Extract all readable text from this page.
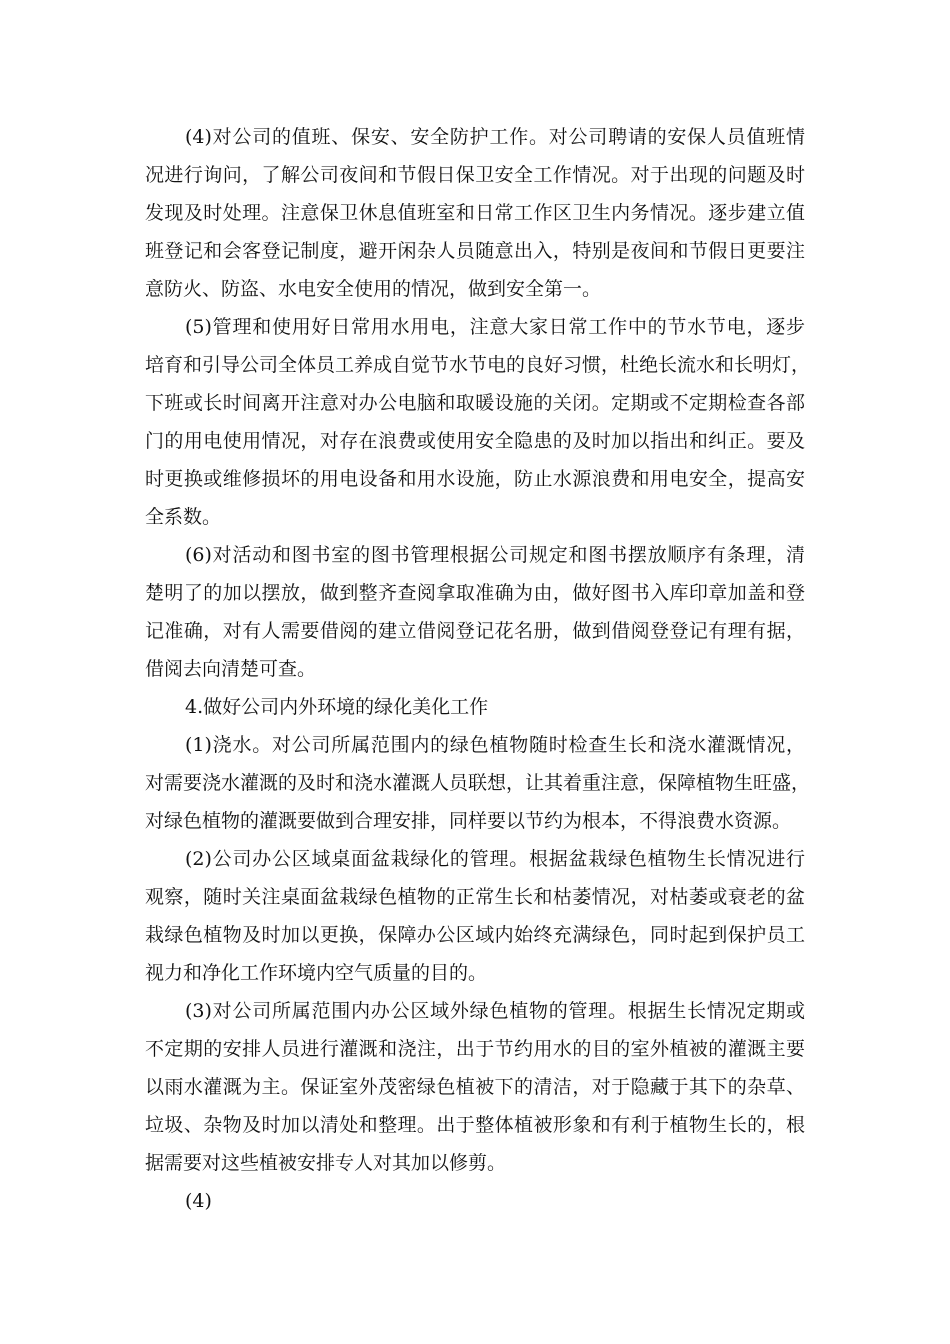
(4)对公司的值班、保安、安全防护工作。对公司聘请的安保人员值班情
况进行询问，了解公司夜间和节假日保卫安全工作情况。对于出现的问题及时
发现及时处理。注意保卫休息值班室和日常工作区卫生内务情况。逐步建立值
班登记和会客登记制度，避开闲杂人员随意出入，特别是夜间和节假日更要注
意防火、防盗、水电安全使用的情况，做到安全第一。
(5)管理和使用好日常用水用电，注意大家日常工作中的节水节电，逐步
培育和引导公司全体员工养成自觉节水节电的良好习惯，杜绝长流水和长明灯，
下班或长时间离开注意对办公电脑和取暖设施的关闭。定期或不定期检查各部
门的用电使用情况，对存在浪费或使用安全隐患的及时加以指出和纠正。要及
时更换或维修损坏的用电设备和用水设施，防止水源浪费和用电安全，提高安
全系数。
(6)对活动和图书室的图书管理根据公司规定和图书摆放顺序有条理，清
楚明了的加以摆放，做到整齐查阅拿取准确为由，做好图书入库印章加盖和登
记准确，对有人需要借阅的建立借阅登记花名册，做到借阅登登记有理有据，
借阅去向清楚可查。
4.做好公司内外环境的绿化美化工作
(1)浇水。对公司所属范围内的绿色植物随时检查生长和浇水灌溉情况，
对需要浇水灌溉的及时和浇水灌溉人员联想，让其着重注意，保障植物生旺盛，
对绿色植物的灌溉要做到合理安排，同样要以节约为根本，不得浪费水资源。
(2)公司办公区域桌面盆栽绿化的管理。根据盆栽绿色植物生长情况进行
观察，随时关注桌面盆栽绿色植物的正常生长和枯萎情况，对枯萎或衰老的盆
栽绿色植物及时加以更换，保障办公区域内始终充满绿色，同时起到保护员工
视力和净化工作环境内空气质量的目的。
(3)对公司所属范围内办公区域外绿色植物的管理。根据生长情况定期或
不定期的安排人员进行灌溉和浇注，出于节约用水的目的室外植被的灌溉主要
以雨水灌溉为主。保证室外茂密绿色植被下的清洁，对于隐藏于其下的杂草、
垃圾、杂物及时加以清处和整理。出于整体植被形象和有利于植物生长的，根
据需要对这些植被安排专人对其加以修剪。
(4)
